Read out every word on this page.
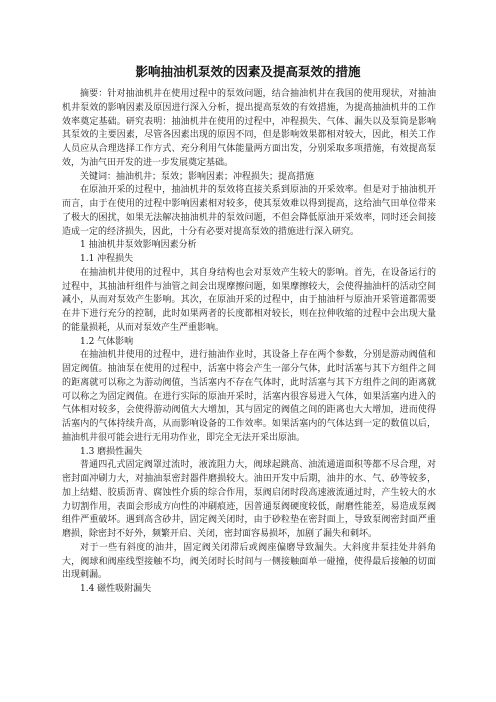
影响抽油机泵效的因素及提高泵效的措施

摘要：针对抽油机井在使用过程中的泵效问题，结合抽油机井在我国的使用现状，对抽油机井泵效的影响因素及原因进行深入分析，提出提高泵效的有效措施，为提高抽油机井的工作效率奠定基础。研究表明：抽油机井在使用的过程中，冲程损失、气体、漏失以及泵筒是影响其泵效的主要因素，尽管各因素出现的原因不同，但是影响效果都相对较大，因此，相关工作人员应从合理选择工作方式、充分利用气体能量两方面出发，分别采取多项措施，有效提高泵效，为油气田开发的进一步发展奠定基础。

关键词：抽油机井；泵效；影响因素；冲程损失；提高措施

在原油开采的过程中，抽油机井的泵效将直接关系到原油的开采效率。但是对于抽油机开而言，由于在使用的过程中影响因素相对较多，使其泵效难以得到提高，这给油气田单位带来了极大的困扰，如果无法解决抽油机井的泵效问题，不但会降低原油开采效率，同时还会间接造成一定的经济损失，因此，十分有必要对提高泵效的措施进行深入研究。

1 抽油机井泵效影响因素分析

1.1 冲程损失

在抽油机井使用的过程中，其自身结构也会对泵效产生较大的影响。首先，在设备运行的过程中，其抽油杆组件与油管之间会出现摩擦问题，如果摩擦较大，会使得抽油杆的活动空间减小，从而对泵效产生影响。其次，在原油开采的过程中，由于抽油杆与原油开采管道都需要在井下进行充分的控制，此时如果两者的长度都相对较长，则在拉伸收缩的过程中会出现大量的能量损耗，从而对泵效产生严重影响。

1.2 气体影响

在抽油机井使用的过程中，进行抽油作业时，其设备上存在两个参数，分别是游动阀值和固定阀值。抽油泵在使用的过程中，活塞中将会产生一部分气体，此时活塞与其下方组件之间的距离就可以称之为游动阀值，当活塞内不存在气体时，此时活塞与其下方组件之间的距离就可以称之为固定阀值。在进行实际的原油开采时，活塞内很容易进入气体，如果活塞内进入的气体相对较多，会使得游动阀值大大增加，其与固定的阀值之间的距离也大大增加，进而使得活塞内的气体持续升高，从而影响设备的工作效率。如果活塞内的气体达到一定的数值以后，抽油机井很可能会进行无用功作业，即完全无法开采出原油。

1.3 磨损性漏失

普通四孔式固定阀罩过流时，液流阻力大，阀球起跳高、油流通道面积等都不尽合理，对密封面冲刷力大，对抽油泵密封器件磨损较大。油田开发中后期，油井的水、气、砂等较多，加上结蜡、胶质沥青、腐蚀性介质的综合作用，泵阀启闭时段高速液流通过时，产生较大的水力切割作用，表面会形成方向性的冲刷痕迹，因普通泵阀硬度较低，耐磨性能差，易造成泵阀组件严重破坏。遇到高含砂井，固定阀关闭时，由于砂粒垫在密封面上，导致泵阀密封面严重磨损，除密封不好外，频繁开启、关闭，密封面容易损坏，加剧了漏失和刺坏。

对于一些有斜度的油井，固定阀关闭滞后或阀座偏磨导致漏失。大斜度井泵挂处井斜角大，阀球和阀座线型接触不均，阀关闭时长时间与一侧接触面单一碰撞，使得最后接触的切面出现刺漏。

1.4 磁性吸附漏失
